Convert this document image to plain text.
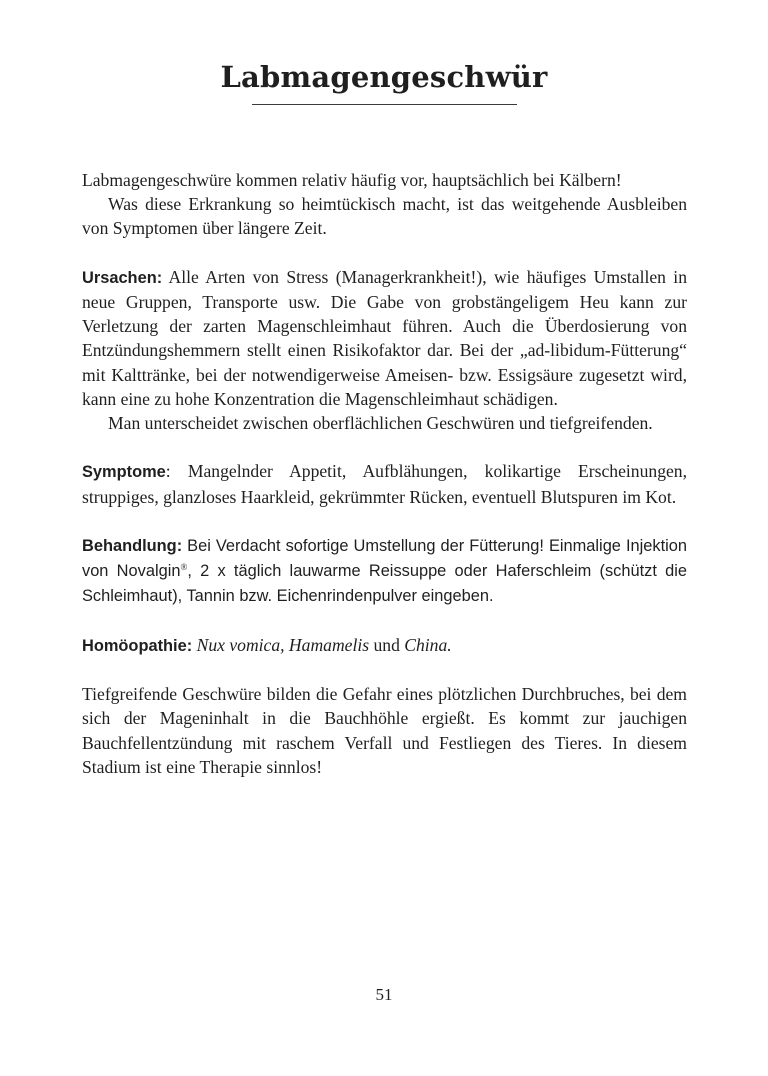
Labmagengeschwür

Labmagengeschwüre kommen relativ häufig vor, hauptsächlich bei Kälbern!

Was diese Erkrankung so heimtückisch macht, ist das weitgehende Ausbleiben von Symptomen über längere Zeit.

Ursachen: Alle Arten von Stress (Managerkrankheit!), wie häufiges Umstallen in neue Gruppen, Transporte usw. Die Gabe von grobstängeligem Heu kann zur Verletzung der zarten Magenschleimhaut führen. Auch die Überdosierung von Entzündungshemmern stellt einen Risikofaktor dar. Bei der „ad-libidum-Fütterung“ mit Kalttränke, bei der notwendigerweise Ameisen- bzw. Essigsäure zugesetzt wird, kann eine zu hohe Konzentration die Magenschleimhaut schädigen.

Man unterscheidet zwischen oberflächlichen Geschwüren und tiefgreifenden.

Symptome: Mangelnder Appetit, Aufblähungen, kolikartige Erscheinungen, struppiges, glanzloses Haarkleid, gekrümmter Rücken, eventuell Blutspuren im Kot.

Behandlung: Bei Verdacht sofortige Umstellung der Fütterung! Einmalige Injektion von Novalgin®, 2 x täglich lauwarme Reissuppe oder Haferschleim (schützt die Schleimhaut), Tannin bzw. Eichenrindenpulver eingeben.

Homöopathie: Nux vomica, Hamamelis und China.

Tiefgreifende Geschwüre bilden die Gefahr eines plötzlichen Durchbruches, bei dem sich der Mageninhalt in die Bauchhöhle ergießt. Es kommt zur jauchigen Bauchfellentzündung mit raschem Verfall und Festliegen des Tieres. In diesem Stadium ist eine Therapie sinnlos!

51
